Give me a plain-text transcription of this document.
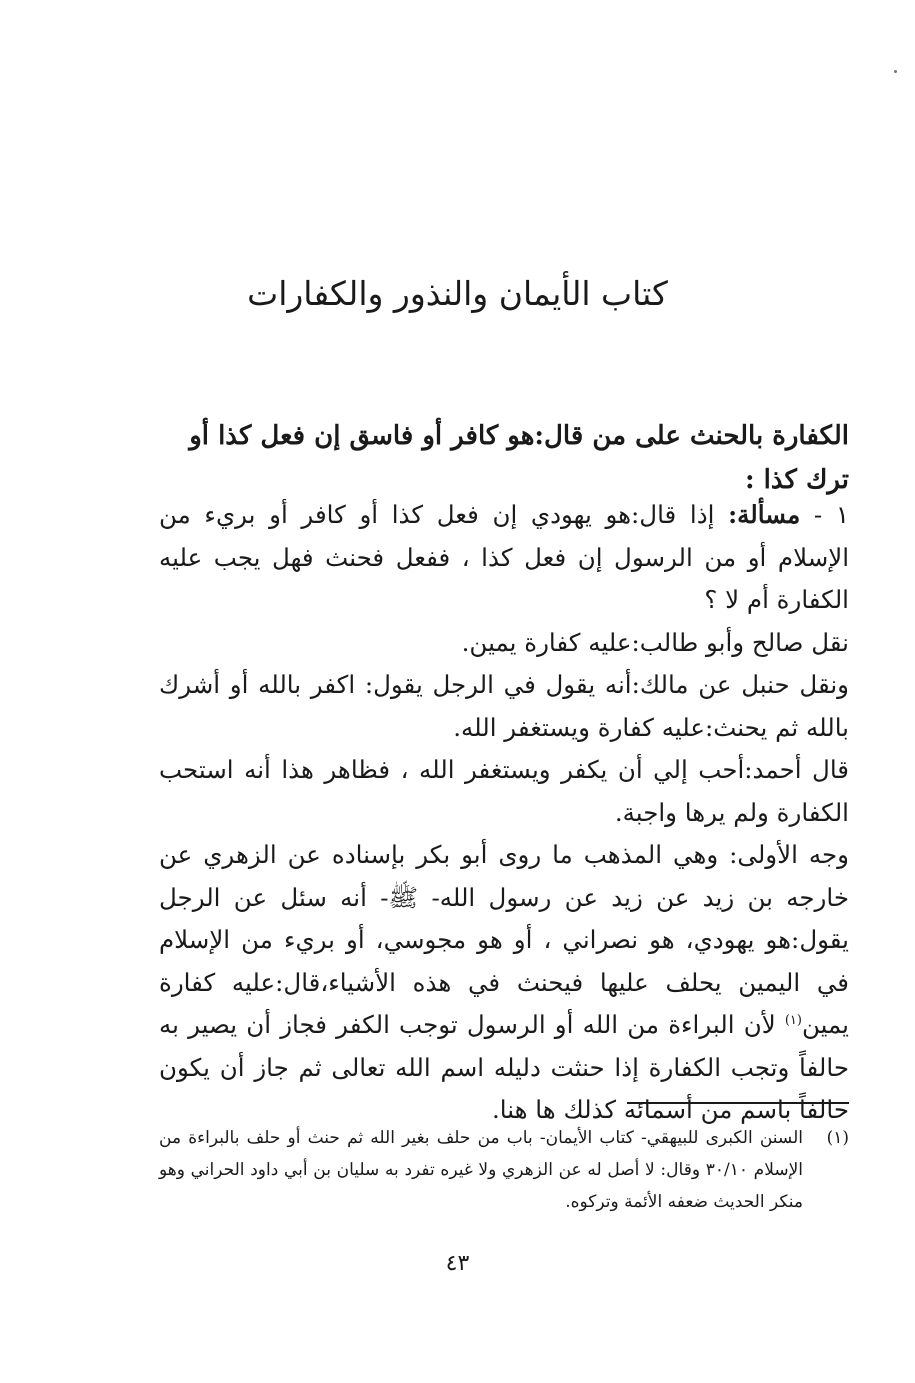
كتاب الأيمان والنذور والكفارات
الكفارة بالحنث على من قال:هو كافر أو فاسق إن فعل كذا أو ترك كذا :

١ - مسألة: إذا قال:هو يهودي إن فعل كذا أو كافر أو بريء من الإسلام أو من الرسول إن فعل كذا ، ففعل فحنث فهل يجب عليه الكفارة أم لا ؟

نقل صالح وأبو طالب:عليه كفارة يمين.

ونقل حنبل عن مالك:أنه يقول في الرجل يقول: اكفر بالله أو أشرك بالله ثم يحنث:عليه كفارة ويستغفر الله.

قال أحمد:أحب إلي أن يكفر ويستغفر الله ، فظاهر هذا أنه استحب الكفارة ولم يرها واجبة.

وجه الأولى: وهي المذهب ما روى أبو بكر بإسناده عن الزهري عن خارجه بن زيد عن زيد عن رسول الله- ﷺ- أنه سئل عن الرجل يقول:هو يهودي، هو نصراني ، أو هو مجوسي، أو بريء من الإسلام في اليمين يحلف عليها فيحنث في هذه الأشياء،قال:عليه كفارة يمين$^{(١)}$ لأن البراءة من الله أو الرسول توجب الكفر فجاز أن يصير به حالفاً وتجب الكفارة إذا حنثت دليله اسم الله تعالى ثم جاز أن يكون حالفاً باسم من أسمائه كذلك ها هنا.

(١)
السنن الكبرى للبيهقي- كتاب الأيمان- باب من حلف بغير الله ثم حنث أو حلف بالبراءة من الإسلام ٣٠/١٠ وقال: لا أصل له عن الزهري ولا غيره تفرد به سليان بن أبي داود الحراني وهو منكر الحديث ضعفه الأئمة وتركوه.
٤٣
